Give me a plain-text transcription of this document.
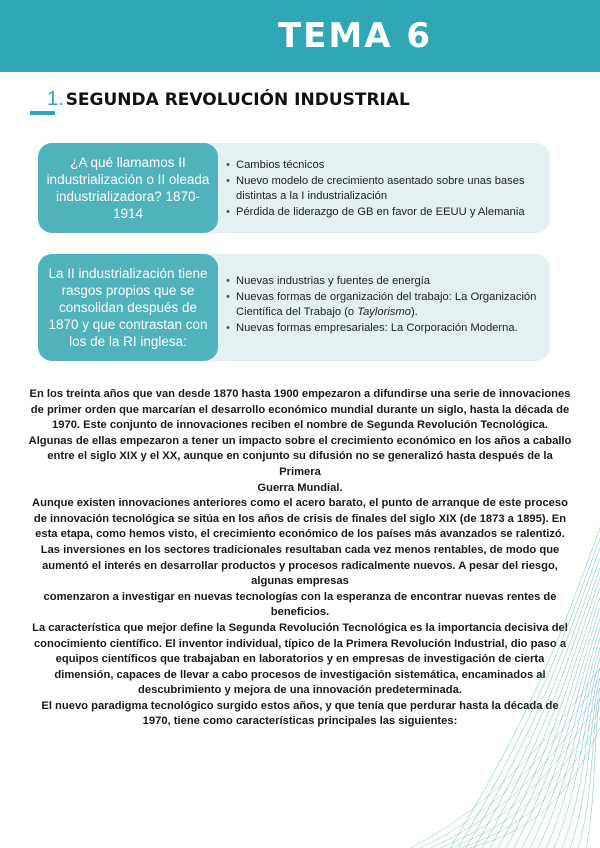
TEMA 6
1. SEGUNDA REVOLUCIÓN INDUSTRIAL
¿A qué llamamos II industrialización o II oleada industrializadora? 1870-1914
• Cambios técnicos
• Nuevo modelo de crecimiento asentado sobre unas bases distintas a la I industrialización
• Pérdida de liderazgo de GB en favor de EEUU y Alemania
La II industrialización tiene rasgos propios que se consolidan después de 1870 y que contrastan con los de la RI inglesa:
• Nuevas industrias y fuentes de energía
• Nuevas formas de organización del trabajo: La Organización Científica del Trabajo (o Taylorismo).
• Nuevas formas empresariales: La Corporación Moderna.

En los treinta años que van desde 1870 hasta 1900 empezaron a difundirse una serie de innovaciones de primer orden que marcarían el desarrollo económico mundial durante un siglo, hasta la década de 1970. Este conjunto de innovaciones reciben el nombre de Segunda Revolución Tecnológica.

Algunas de ellas empezaron a tener un impacto sobre el crecimiento económico en los años a caballo entre el siglo XIX y el XX, aunque en conjunto su difusión no se generalizó hasta después de la Primera

Guerra Mundial.

Aunque existen innovaciones anteriores como el acero barato, el punto de arranque de este proceso de innovación tecnológica se sitúa en los años de crisis de finales del siglo XIX (de 1873 a 1895). En esta etapa, como hemos visto, el crecimiento económico de los países más avanzados se ralentizó. Las inversiones en los sectores tradicionales resultaban cada vez menos rentables, de modo que aumentó el interés en desarrollar productos y procesos radicalmente nuevos. A pesar del riesgo, algunas empresas

comenzaron a investigar en nuevas tecnologías con la esperanza de encontrar nuevas rentes de beneficios.

La característica que mejor define la Segunda Revolución Tecnológica es la importancia decisiva del conocimiento científico. El inventor individual, típico de la Primera Revolución Industrial, dio paso a equipos científicos que trabajaban en laboratorios y en empresas de investigación de cierta dimensión, capaces de llevar a cabo procesos de investigación sistemática, encaminados al descubrimiento y mejora de una innovación predeterminada.

El nuevo paradigma tecnológico surgido estos años, y que tenía que perdurar hasta la década de 1970, tiene como características principales las siguientes:
